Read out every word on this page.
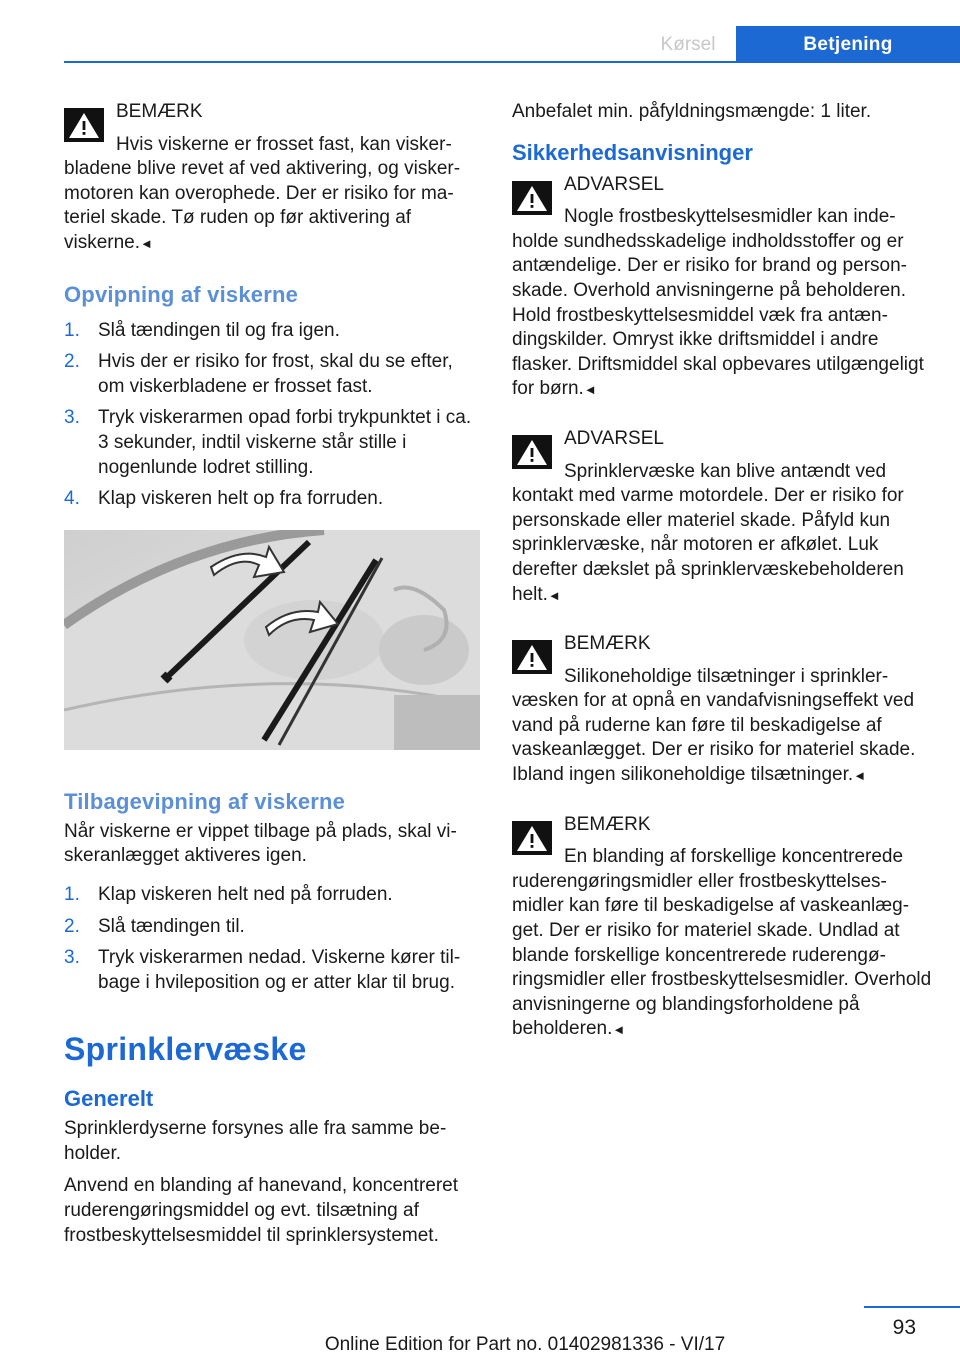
Kørsel	Betjening
BEMÆRK
Hvis viskerne er frosset fast, kan viskerbladene blive revet af ved aktivering, og viskermotoren kan overophede. Der er risiko for materiel skade. Tø ruden op før aktivering af viskerne.◄
Opvipning af viskerne
1. Slå tændingen til og fra igen.
2. Hvis der er risiko for frost, skal du se efter, om viskerbladene er frosset fast.
3. Tryk viskerarmen opad forbi trykpunktet i ca. 3 sekunder, indtil viskerne står stille i nogenlunde lodret stilling.
4. Klap viskeren helt op fra forruden.
Tilbagevipning af viskerne

Når viskerne er vippet tilbage på plads, skal viskeranlægget aktiveres igen.

1. Klap viskeren helt ned på forruden.
2. Slå tændingen til.
3. Tryk viskerarmen nedad. Viskerne kører tilbage i hvileposition og er atter klar til brug.
Sprinklervæske
Generelt

Sprinklerdyserne forsynes alle fra samme beholder.

Anvend en blanding af hanevand, koncentreret ruderengøringsmiddel og evt. tilsætning af frostbeskyttelsesmiddel til sprinklersystemet.

Anbefalet min. påfyldningsmængde: 1 liter.

Sikkerhedsanvisninger
ADVARSEL
Nogle frostbeskyttelsesmidler kan indeholde sundhedsskadelige indholdsstoffer og er antændelige. Der er risiko for brand og personskade. Overhold anvisningerne på beholderen. Hold frostbeskyttelsesmiddel væk fra antændingskilder. Omryst ikke driftsmiddel i andre flasker. Driftsmiddel skal opbevares utilgængeligt for børn.◄
ADVARSEL
Sprinklervæske kan blive antændt ved kontakt med varme motordele. Der er risiko for personskade eller materiel skade. Påfyld kun sprinklervæske, når motoren er afkølet. Luk derefter dækslet på sprinklervæskebeholderen helt.◄
BEMÆRK
Silikoneholdige tilsætninger i sprinklervæsken for at opnå en vandafvisningseffekt ved vand på ruderne kan føre til beskadigelse af vaskeanlægget. Der er risiko for materiel skade. Ibland ingen silikoneholdige tilsætninger.◄
BEMÆRK
En blanding af forskellige koncentrerede ruderengøringsmidler eller frostbeskyttelsesmidler kan føre til beskadigelse af vaskeanlægget. Der er risiko for materiel skade. Undlad at blande forskellige koncentrerede ruderengøringsmidler eller frostbeskyttelsesmidler. Overhold anvisningerne og blandingsforholdene på beholderen.◄
93
Online Edition for Part no. 01402981336 - VI/17
